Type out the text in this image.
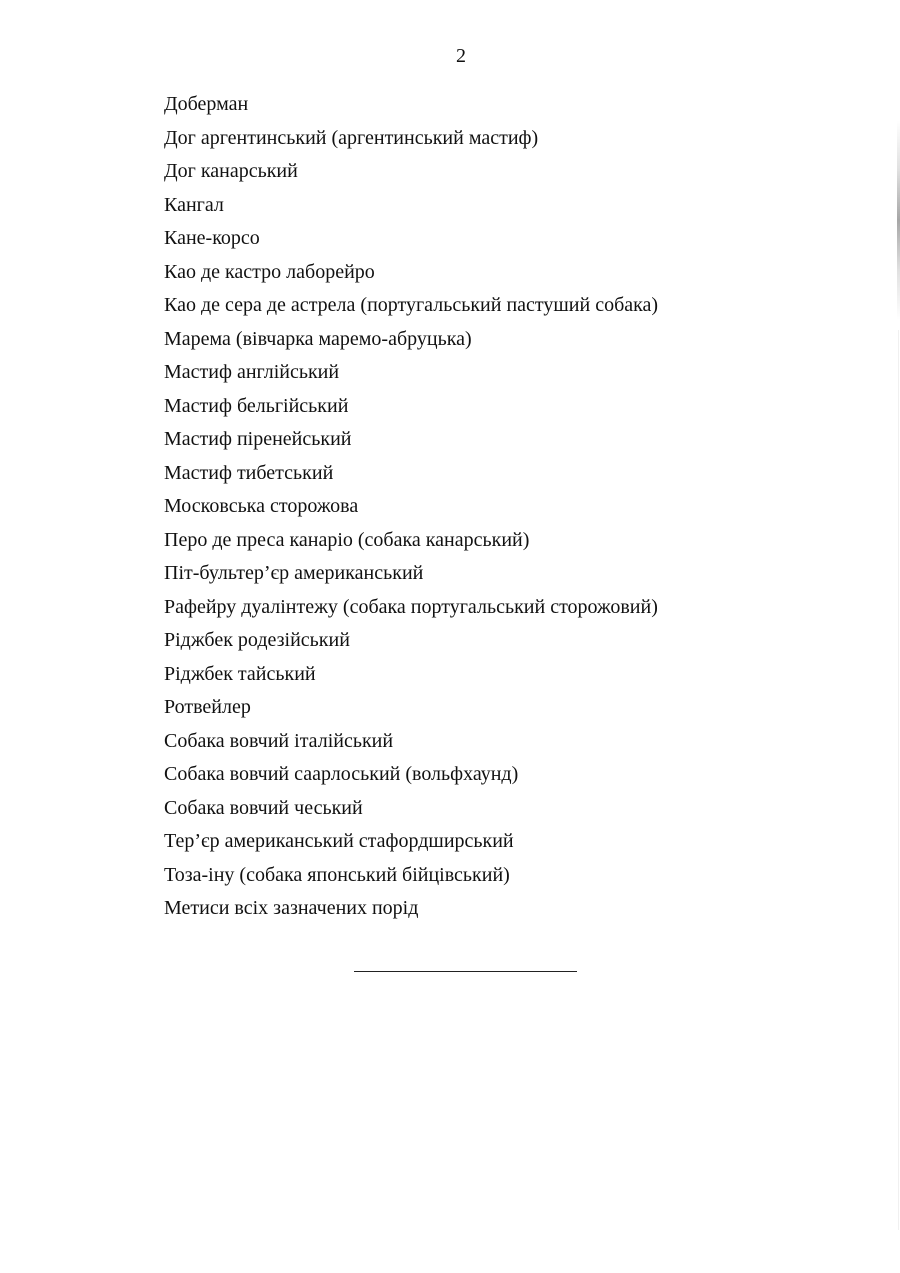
2
Доберман
Дог аргентинський (аргентинський мастиф)
Дог канарський
Кангал
Кане-корсо
Као де кастро лаборейро
Као де сера де астрела (португальський пастуший собака)
Марема (вівчарка маремо-абруцька)
Мастиф англійський
Мастиф бельгійський
Мастиф піренейський
Мастиф тибетський
Московська сторожова
Перо де преса канаріо (собака канарський)
Піт-бультер’єр американський
Рафейру дуалінтежу (собака португальський сторожовий)
Ріджбек родезійський
Ріджбек тайський
Ротвейлер
Собака вовчий італійський
Собака вовчий саарлоський (вольфхаунд)
Собака вовчий чеський
Тер’єр американський стафордширський
Тоза-іну (собака японський бійцівський)
Метиси всіх зазначених порід
